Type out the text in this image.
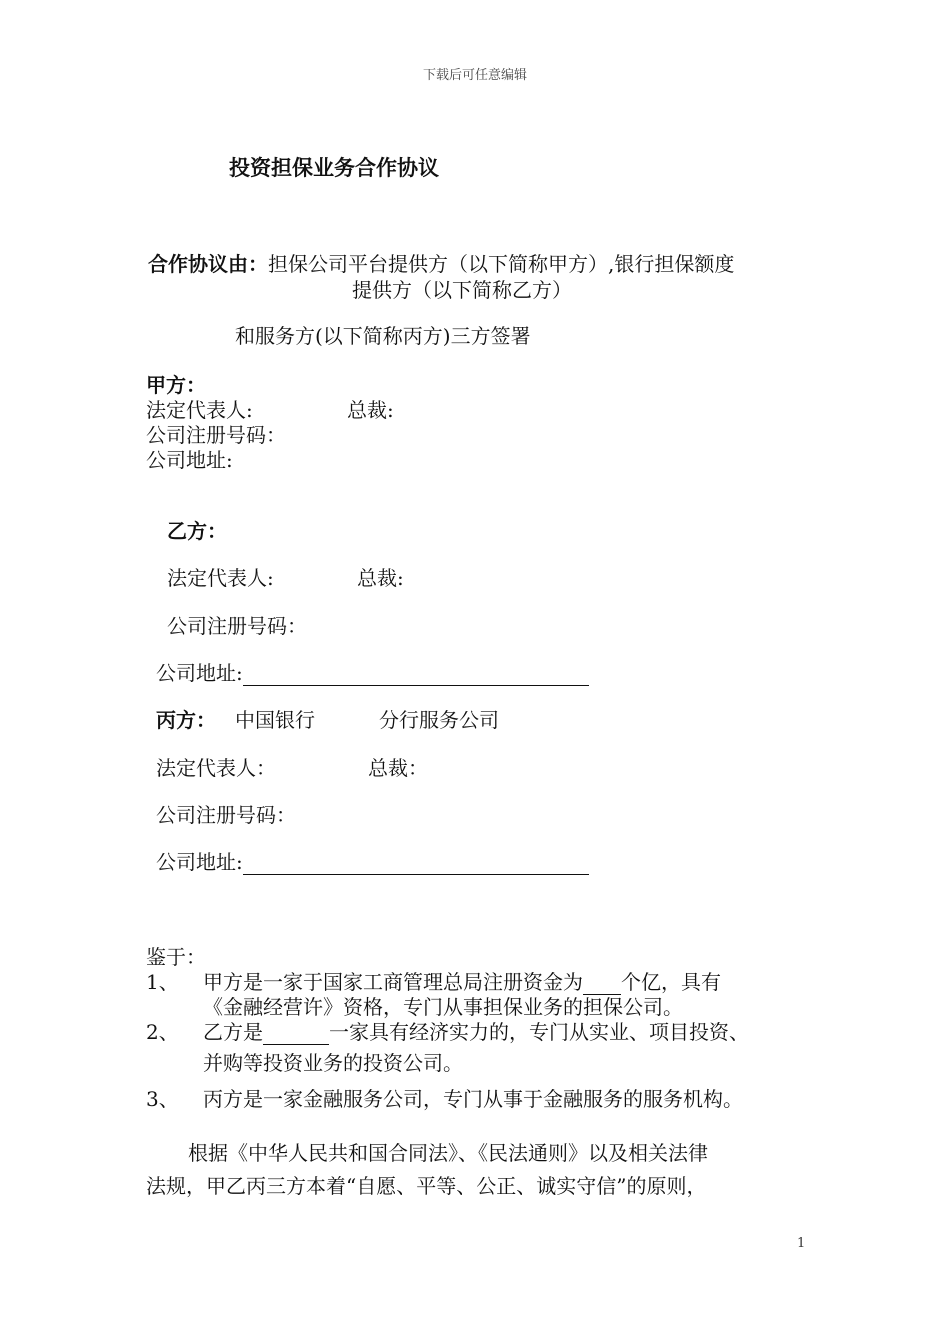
下载后可任意编辑
投资担保业务合作协议
合作协议由：担保公司平台提供方（以下简称甲方）,银行担保额度
提供方（以下简称乙方）
和服务方(以下简称丙方)三方签署
甲方：
法定代表人:	总裁:
公司注册号码：
公司地址:
乙方：
法定代表人:	总裁:
公司注册号码：
公司地址:
丙方： 中国银行	分行服务公司
法定代表人：	总裁：
公司注册号码：
公司地址:
鉴于：
1、 甲方是一家于国家工商管理总局注册资金为 个亿，具有
《金融经营许》资格，专门从事担保业务的担保公司。
2、 乙方是	一家具有经济实力的，专门从实业、项目投资、
并购等投资业务的投资公司。
3、 丙方是一家金融服务公司，专门从事于金融服务的服务机构。
根据《中华人民共和国合同法》、《民法通则》以及相关法律
法规，甲乙丙三方本着“自愿、平等、公正、诚实守信”的原则，
1
